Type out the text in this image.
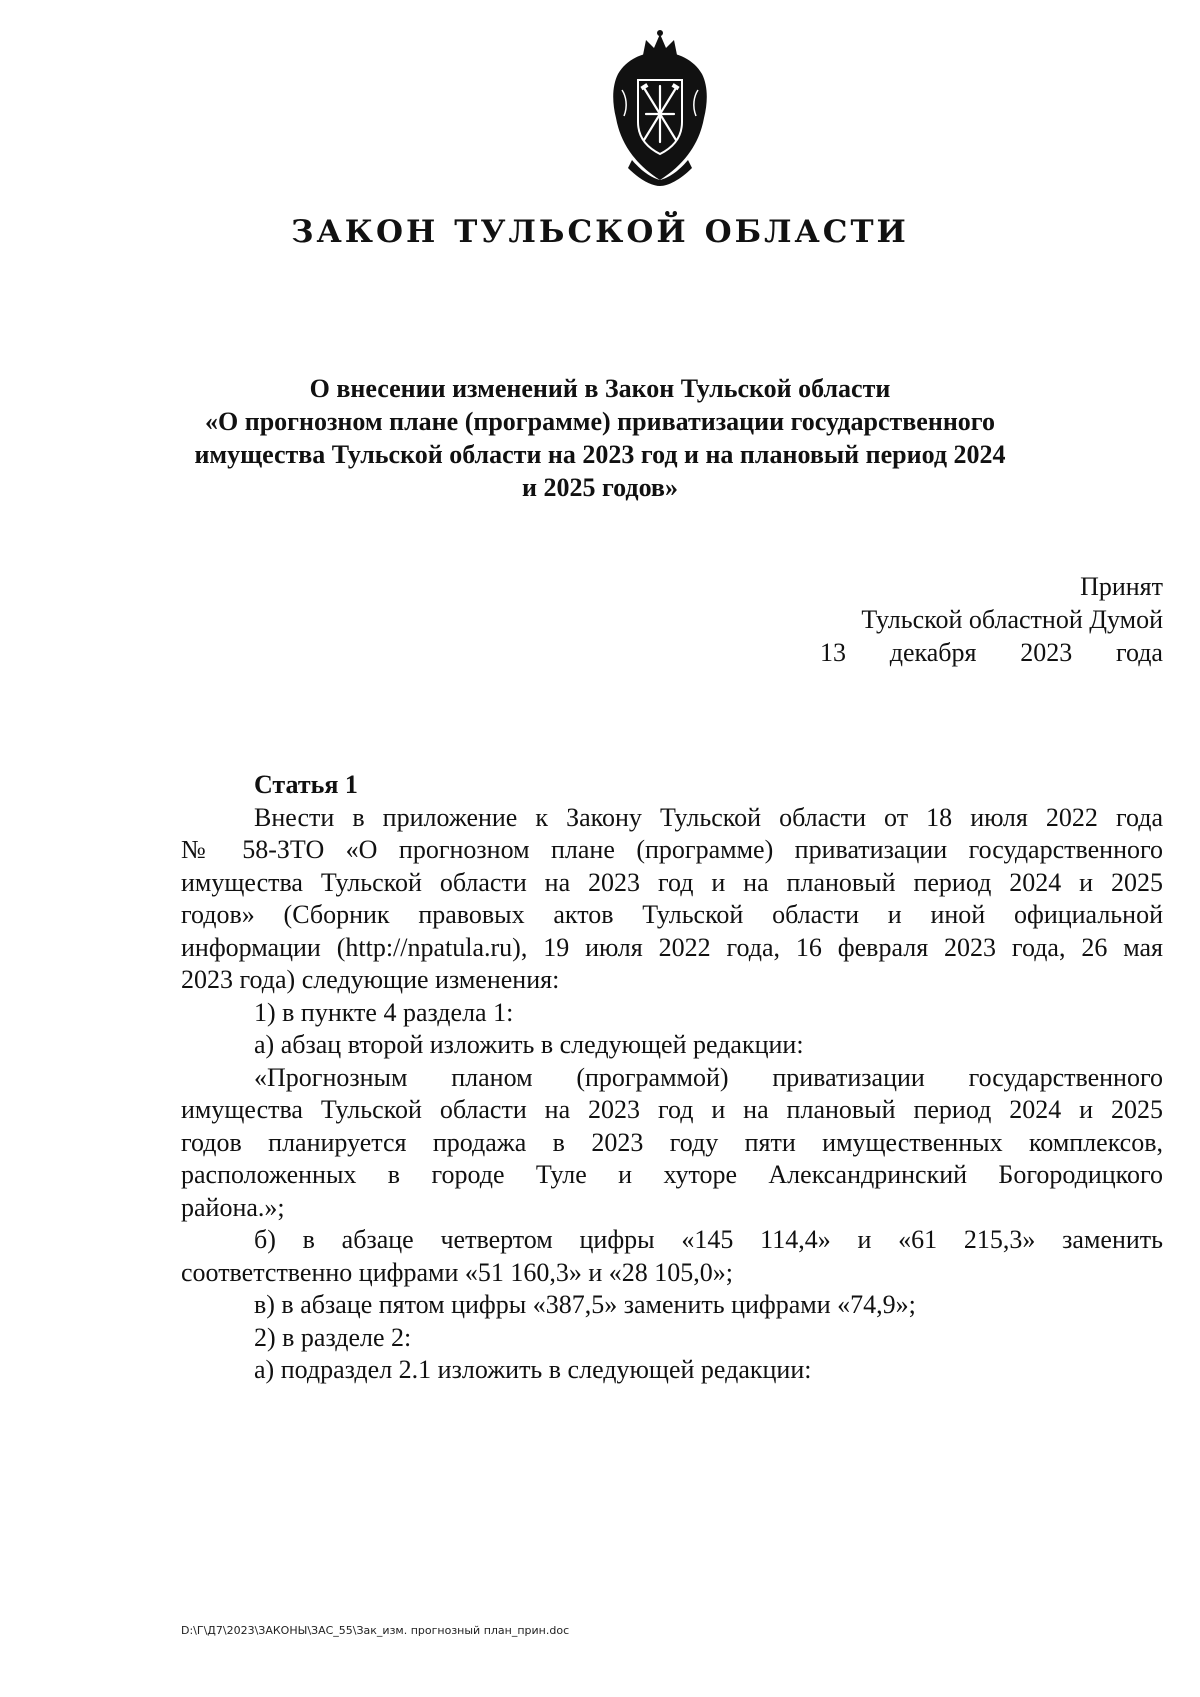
ЗАКОН ТУЛЬСКОЙ ОБЛАСТИ
О внесении изменений в Закон Тульской области
«О прогнозном плане (программе) приватизации государственного
имущества Тульской области на 2023 год и на плановый период 2024
и 2025 годов»
Принят
Тульской областной Думой
13 декабря 2023 года
Статья 1
Внести в приложение к Закону Тульской области от 18 июля 2022 года
№ 58-ЗТО «О прогнозном плане (программе) приватизации государственного
имущества Тульской области на 2023 год и на плановый период 2024 и 2025
годов» (Сборник правовых актов Тульской области и иной официальной
информации (http://npatula.ru), 19 июля 2022 года, 16 февраля 2023 года, 26 мая
2023 года) следующие изменения:
1) в пункте 4 раздела 1:
а) абзац второй изложить в следующей редакции:
«Прогнозным планом (программой) приватизации государственного
имущества Тульской области на 2023 год и на плановый период 2024 и 2025
годов планируется продажа в 2023 году пяти имущественных комплексов,
расположенных в городе Туле и хуторе Александринский Богородицкого
района.»;
б) в абзаце четвертом цифры «145 114,4» и «61 215,3» заменить
соответственно цифрами «51 160,3» и «28 105,0»;
в) в абзаце пятом цифры «387,5» заменить цифрами «74,9»;
2) в разделе 2:
а) подраздел 2.1 изложить в следующей редакции:
D:\Г\Д7\2023\ЗАКОНЫ\ЗАС_55\Зак_изм. прогнозный план_прин.doc
